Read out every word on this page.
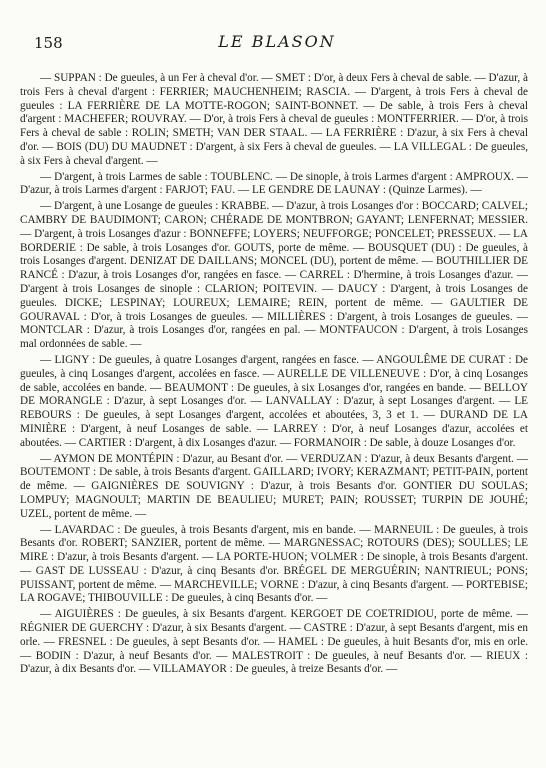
158	LE BLASON

— SUPPAN : De gueules, à un Fer à cheval d'or. — SMET : D'or, à deux Fers à cheval de sable. — D'azur, à trois Fers à cheval d'argent : FERRIER; MAUCHENHEIM; RASCIA. — D'argent, à trois Fers à cheval de gueules : LA FERRIÈRE DE LA MOTTE-ROGON; SAINT-BONNET. — De sable, à trois Fers à cheval d'argent : MACHEFER; ROUVRAY. — D'or, à trois Fers à cheval de gueules : MONTFERRIER. — D'or, à trois Fers à cheval de sable : ROLIN; SMETH; VAN DER STAAL. — LA FERRIÈRE : D'azur, à six Fers à cheval d'or. — BOIS (DU) DU MAUDNET : D'argent, à six Fers à cheval de gueules. — LA VILLEGAL : De gueules, à six Fers à cheval d'argent. —

— D'argent, à trois Larmes de sable : TOUBLENC. — De sinople, à trois Larmes d'argent : AMPROUX. — D'azur, à trois Larmes d'argent : FARJOT; FAU. — LE GENDRE DE LAUNAY : (Quinze Larmes). —

— D'argent, à une Losange de gueules : KRABBE. — D'azur, à trois Losanges d'or : BOCCARD; CALVEL; CAMBRY DE BAUDIMONT; CARON; CHÉRADE DE MONTBRON; GAYANT; LENFERNAT; MESSIER. — D'argent, à trois Losanges d'azur : BONNEFFE; LOYERS; NEUFFORGE; PONCELET; PRESSEUX. — LA BORDERIE : De sable, à trois Losanges d'or. GOUTS, porte de même. — BOUSQUET (DU) : De gueules, à trois Losanges d'argent. DENIZAT DE DAILLANS; MONCEL (DU), portent de même. — BOUTHILLIER DE RANCÉ : D'azur, à trois Losanges d'or, rangées en fasce. — CARREL : D'hermine, à trois Losanges d'azur. — D'argent à trois Losanges de sinople : CLARION; POITEVIN. — DAUCY : D'argent, à trois Losanges de gueules. DICKE; LESPINAY; LOUREUX; LEMAIRE; REIN, portent de même. — GAULTIER DE GOURAVAL : D'or, à trois Losanges de gueules. — MILLIÈRES : D'argent, à trois Losanges de gueules. — MONTCLAR : D'azur, à trois Losanges d'or, rangées en pal. — MONTFAUCON : D'argent, à trois Losanges mal ordonnées de sable. —

— LIGNY : De gueules, à quatre Losanges d'argent, rangées en fasce. — ANGOULÊME DE CURAT : De gueules, à cinq Losanges d'argent, accolées en fasce. — AURELLE DE VILLENEUVE : D'or, à cinq Losanges de sable, accolées en bande. — BEAUMONT : De gueules, à six Losanges d'or, rangées en bande. — BELLOY DE MORANGLE : D'azur, à sept Losanges d'or. — LANVALLAY : D'azur, à sept Losanges d'argent. — LE REBOURS : De gueules, à sept Losanges d'argent, accolées et aboutées, 3, 3 et 1. — DURAND DE LA MINIÈRE : D'argent, à neuf Losanges de sable. — LARREY : D'or, à neuf Losanges d'azur, accolées et aboutées. — CARTIER : D'argent, à dix Losanges d'azur. — FORMANOIR : De sable, à douze Losanges d'or.

— AYMON DE MONTÉPIN : D'azur, au Besant d'or. — VERDUZAN : D'azur, à deux Besants d'argent. — BOUTEMONT : De sable, à trois Besants d'argent. GAILLARD; IVORY; KERAZMANT; PETIT-PAIN, portent de même. — GAIGNIÈRES DE SOUVIGNY : D'azur, à trois Besants d'or. GONTIER DU SOULAS; LOMPUY; MAGNOULT; MARTIN DE BEAULIEU; MURET; PAIN; ROUSSET; TURPIN DE JOUHÉ; UZEL, portent de même. —

— LAVARDAC : De gueules, à trois Besants d'argent, mis en bande. — MARNEUIL : De gueules, à trois Besants d'or. ROBERT; SANZIER, portent de même. — MARGNESSAC; ROTOURS (DES); SOULLES; LE MIRE : D'azur, à trois Besants d'argent. — LA PORTE-HUON; VOLMER : De sinople, à trois Besants d'argent. — GAST DE LUSSEAU : D'azur, à cinq Besants d'or. BRÉGEL DE MERGUÉRIN; NANTRIEUL; PONS; PUISSANT, portent de même. — MARCHEVILLE; VORNE : D'azur, à cinq Besants d'argent. — PORTEBISE; LA ROGAVE; THIBOUVILLE : De gueules, à cinq Besants d'or. —

— AIGUIÈRES : De gueules, à six Besants d'argent. KERGOET DE COETRIDIOU, porte de même. — RÉGNIER DE GUERCHY : D'azur, à six Besants d'argent. — CASTRE : D'azur, à sept Besants d'argent, mis en orle. — FRESNEL : De gueules, à sept Besants d'or. — HAMEL : De gueules, à huit Besants d'or, mis en orle. — BODIN : D'azur, à neuf Besants d'or. — MALESTROIT : De gueules, à neuf Besants d'or. — RIEUX : D'azur, à dix Besants d'or. — VILLAMAYOR : De gueules, à treize Besants d'or. —
